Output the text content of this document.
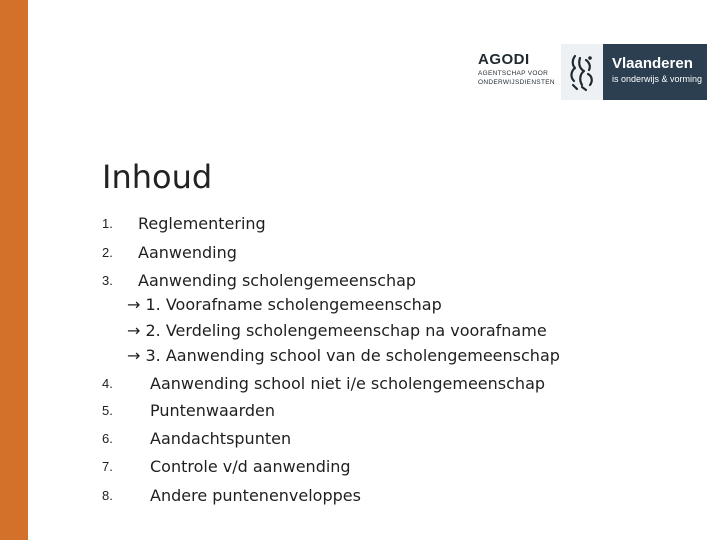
AGODI
AGENTSCHAP VOOR
ONDERWIJSDIENSTEN
Vlaanderen
is onderwijs & vorming
Inhoud
1. Reglementering
2. Aanwending
3. Aanwending scholengemeenschap
→ 1. Voorafname scholengemeenschap
→ 2. Verdeling scholengemeenschap na voorafname
→ 3. Aanwending school van de scholengemeenschap
4. Aanwending school niet i/e scholengemeenschap
5. Puntenwaarden
6. Aandachtspunten
7. Controle v/d aanwending
8. Andere puntenenveloppes
